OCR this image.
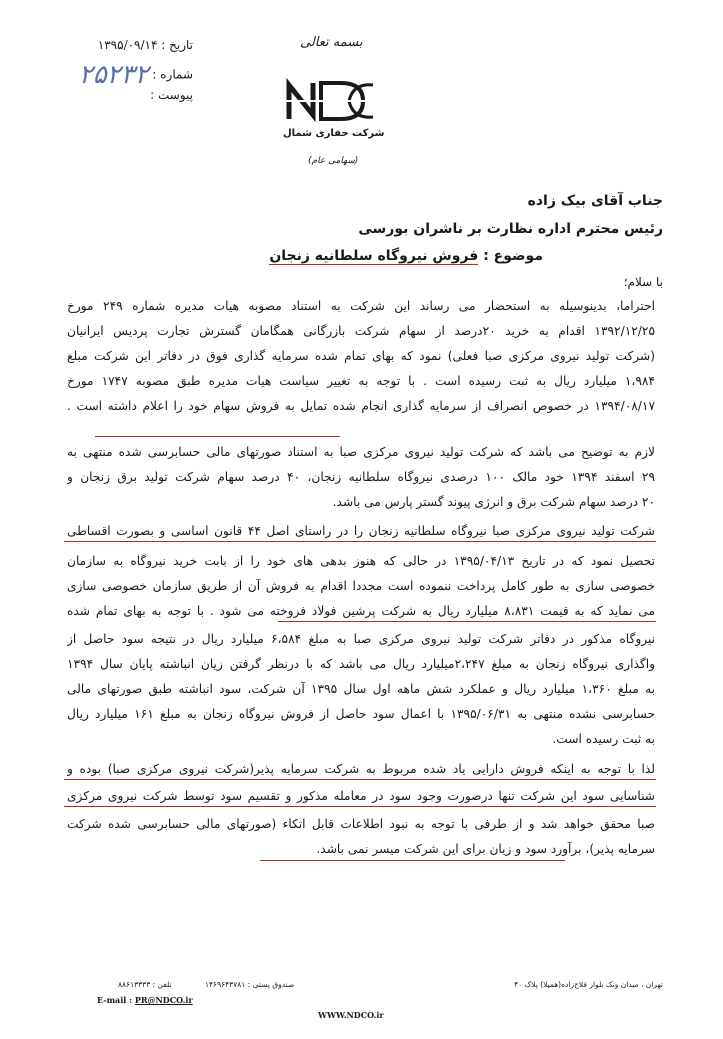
تاریخ : ۱۳۹۵/۰۹/۱۴
شماره : ۲۵۲۳۲
پیوست :
بسمه تعالی
شرکت حفاری شمال
(سهامی عام)
جناب آقای بیک زاده
رئیس محترم اداره نظارت بر ناشران بورسی
موضوع : فروش نیروگاه سلطانیه زنجان
با سلام؛
احتراما، بدینوسیله به استحضار می رساند این شرکت به استناد مصوبه هیات مدیره شماره ۲۴۹ مورخ
۱۳۹۲/۱۲/۲۵ اقدام به خرید ۲۰درصد از سهام شرکت بازرگانی همگامان گسترش تجارت پردیس ایرانیان
(شرکت تولید نیروی مرکزی صبا فعلی) نمود که بهای تمام شده سرمایه گذاری فوق در دفاتر این شرکت مبلغ
۱،۹۸۴ میلیارد ریال به ثبت رسیده است . با توجه به تغییر سیاست هیات مدیره طبق مصوبه ۱۷۴۷ مورخ
۱۳۹۴/۰۸/۱۷ در خصوص انصراف از سرمایه گذاری انجام شده تمایل به فروش سهام خود را اعلام داشته است .
لازم به توضیح می باشد که شرکت تولید نیروی مرکزی صبا به استناد صورتهای مالی حسابرسی شده منتهی به
۲۹ اسفند ۱۳۹۴ خود مالک ۱۰۰ درصدی نیروگاه سلطانیه زنجان، ۴۰ درصد سهام شرکت تولید برق زنجان و
۲۰ درصد سهام شرکت برق و انرژی پیوند گستر پارس می باشد.
شرکت تولید نیروی مرکزی صبا نیروگاه سلطانیه زنجان را در راستای اصل ۴۴ قانون اساسی و بصورت اقساطی
تحصیل نمود که در تاریخ ۱۳۹۵/۰۴/۱۳ در حالی که هنوز بدهی های خود را از بابت خرید نیروگاه به سازمان
خصوصی سازی به طور کامل پرداخت ننموده است مجددا اقدام به فروش آن از طریق سازمان خصوصی سازی
می نماید که به قیمت ۸،۸۳۱ میلیارد ریال به شرکت پرشین فولاد فروخته می شود . با توجه به بهای تمام شده
نیروگاه مذکور در دفاتر شرکت تولید نیروی مرکزی صبا به مبلغ ۶،۵۸۴ میلیارد ریال در نتیجه سود حاصل از
واگذاری نیروگاه زنجان به مبلغ ۲،۲۴۷میلیارد ریال می باشد که با درنظر گرفتن زیان انباشته پایان سال ۱۳۹۴
به مبلغ ۱،۳۶۰ میلیارد ریال و عملکرد شش ماهه اول سال ۱۳۹۵ آن شرکت، سود انباشته طبق صورتهای مالی
حسابرسی نشده منتهی به ۱۳۹۵/۰۶/۳۱ با اعمال سود حاصل از فروش نیروگاه زنجان به مبلغ ۱۶۱ میلیارد ریال
به ثبت رسیده است.
لذا با توجه به اینکه فروش دارایی یاد شده مربوط به شرکت سرمایه پذیر(شرکت نیروی مرکزی صبا) بوده و
شناسایی سود این شرکت تنها درصورت وجود سود در معامله مذکور و تقسیم سود توسط شرکت نیروی مرکزی
صبا محقق خواهد شد و از طرفی با توجه به نبود اطلاعات قابل اتکاء (صورتهای مالی حسابرسی شده شرکت
سرمایه پذیر)، برآورد سود و زیان برای این شرکت میسر نمی باشد.
تهران ، میدان ونک بلوار فلاح‌زاده(همیلا) پلاک ۴۰
صندوق پستی : ۱۴۶۹۶۴۳۷۸۱
تلفن : ۸۸۶۱۳۳۳۳
E-mail : PR@NDCO.ir
WWW.NDCO.ir
